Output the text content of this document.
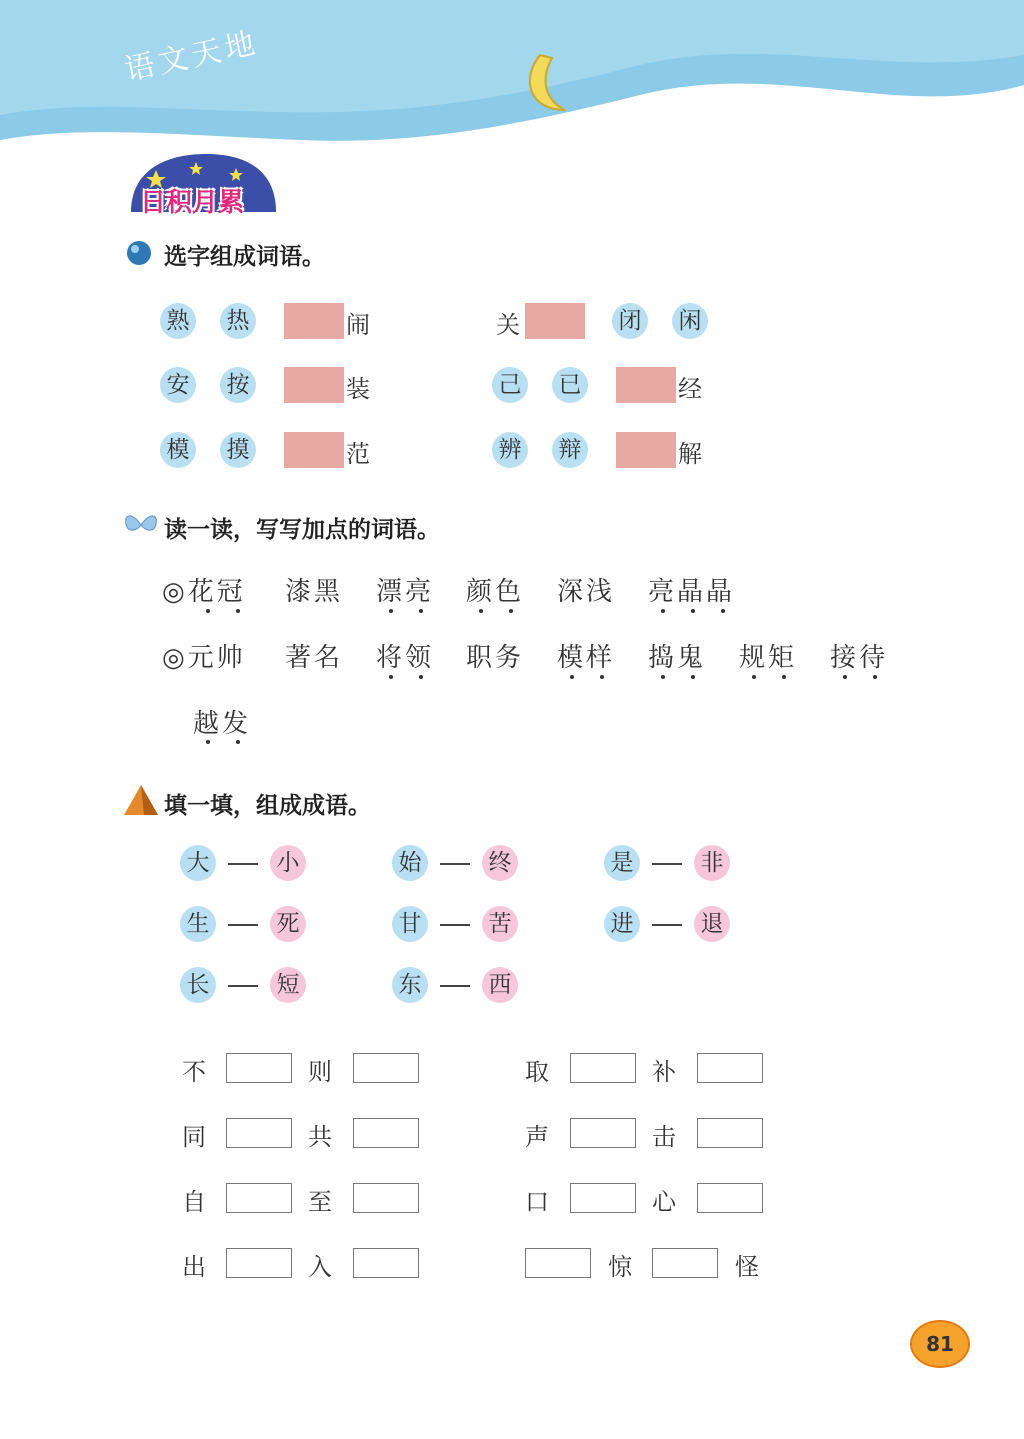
语文天地
日积月累
选字组成词语。
熟 热	闹	关	闭 闲
安 按	装	己 已	经
模 摸	范	辨 辩	解
读一读，写写加点的词语。
◎花冠 漆黑 漂亮 颜色 深浅 亮晶晶
◎元帅 著名 将领 职务 模样 捣鬼 规矩 接待
越发
填一填，组成成语。
大	小	始	终	是	非
生	死	甘	苦	进	退
长	短	东	西
不	则	取	补
同	共	声	击
自	至	口	心
出	入	惊	怪
81
